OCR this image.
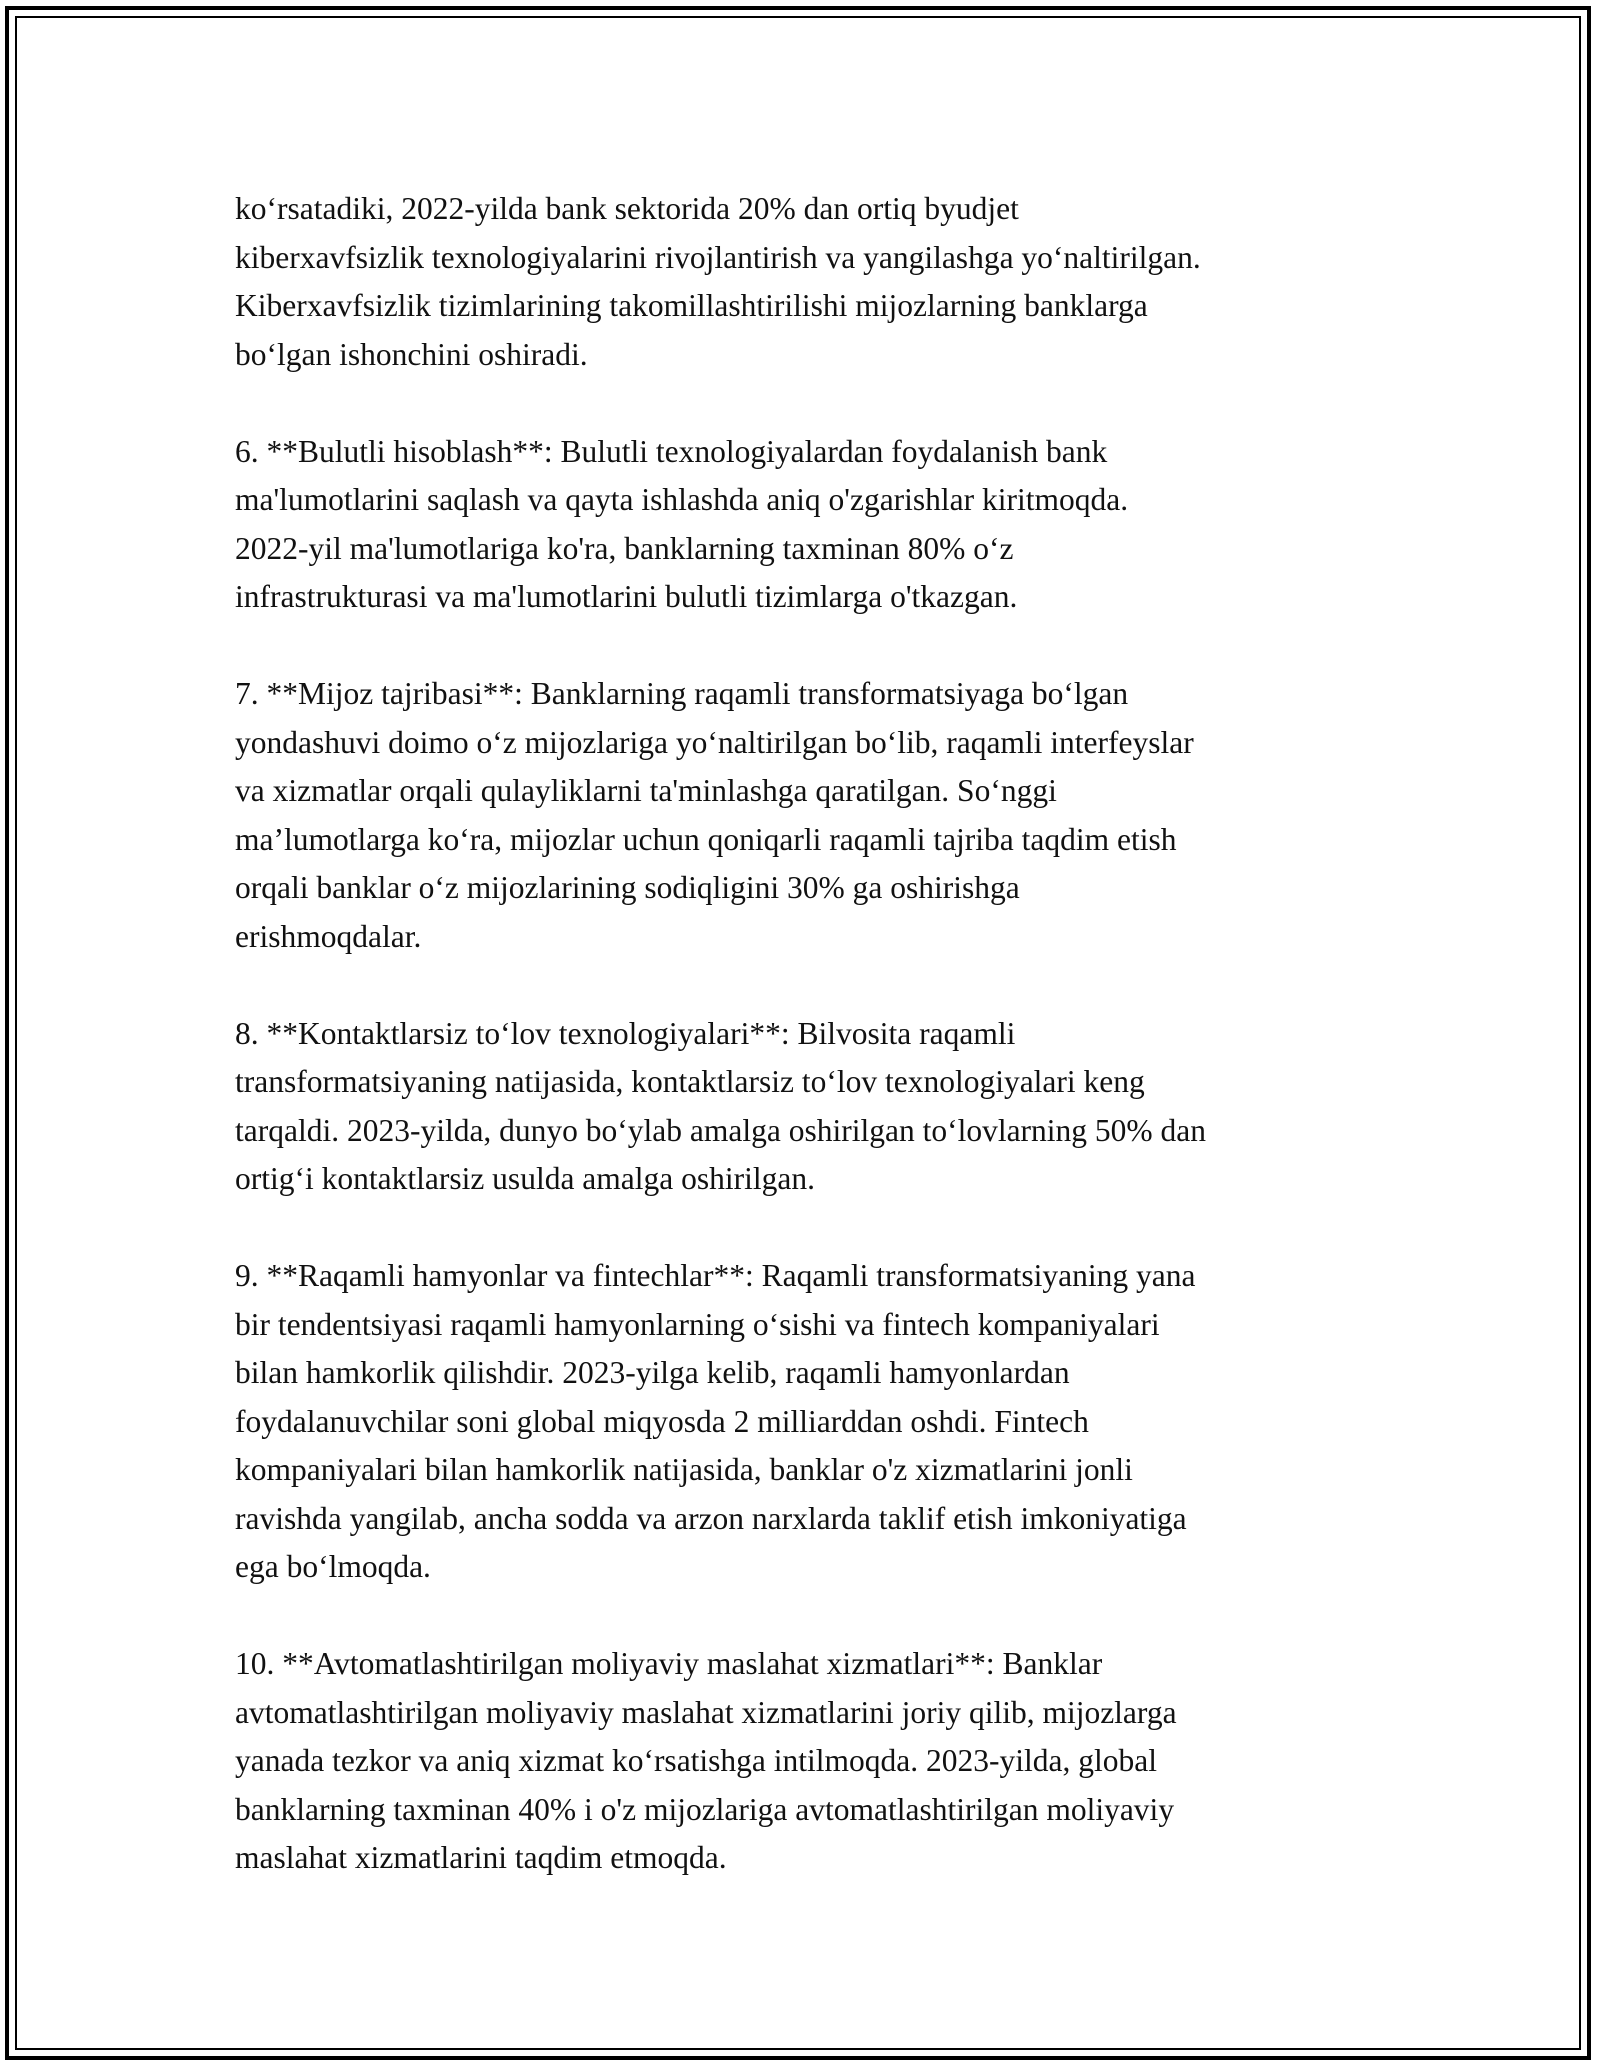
ko‘rsatadiki, 2022-yilda bank sektorida 20% dan ortiq byudjet
kiberxavfsizlik texnologiyalarini rivojlantirish va yangilashga yo‘naltirilgan.
Kiberxavfsizlik tizimlarining takomillashtirilishi mijozlarning banklarga
bo‘lgan ishonchini oshiradi.
6. **Bulutli hisoblash**: Bulutli texnologiyalardan foydalanish bank
ma'lumotlarini saqlash va qayta ishlashda aniq o'zgarishlar kiritmoqda.
2022-yil ma'lumotlariga ko'ra, banklarning taxminan 80% o‘z
infrastrukturasi va ma'lumotlarini bulutli tizimlarga o'tkazgan.
7. **Mijoz tajribasi**: Banklarning raqamli transformatsiyaga bo‘lgan
yondashuvi doimo o‘z mijozlariga yo‘naltirilgan bo‘lib, raqamli interfeyslar
va xizmatlar orqali qulayliklarni ta'minlashga qaratilgan. So‘nggi
ma’lumotlarga ko‘ra, mijozlar uchun qoniqarli raqamli tajriba taqdim etish
orqali banklar o‘z mijozlarining sodiqligini 30% ga oshirishga
erishmoqdalar.
8. **Kontaktlarsiz to‘lov texnologiyalari**: Bilvosita raqamli
transformatsiyaning natijasida, kontaktlarsiz to‘lov texnologiyalari keng
tarqaldi. 2023-yilda, dunyo bo‘ylab amalga oshirilgan to‘lovlarning 50% dan
ortig‘i kontaktlarsiz usulda amalga oshirilgan.
9. **Raqamli hamyonlar va fintechlar**: Raqamli transformatsiyaning yana
bir tendentsiyasi raqamli hamyonlarning o‘sishi va fintech kompaniyalari
bilan hamkorlik qilishdir. 2023-yilga kelib, raqamli hamyonlardan
foydalanuvchilar soni global miqyosda 2 milliarddan oshdi. Fintech
kompaniyalari bilan hamkorlik natijasida, banklar o'z xizmatlarini jonli
ravishda yangilab, ancha sodda va arzon narxlarda taklif etish imkoniyatiga
ega bo‘lmoqda.
10. **Avtomatlashtirilgan moliyaviy maslahat xizmatlari**: Banklar
avtomatlashtirilgan moliyaviy maslahat xizmatlarini joriy qilib, mijozlarga
yanada tezkor va aniq xizmat ko‘rsatishga intilmoqda. 2023-yilda, global
banklarning taxminan 40% i o'z mijozlariga avtomatlashtirilgan moliyaviy
maslahat xizmatlarini taqdim etmoqda.
